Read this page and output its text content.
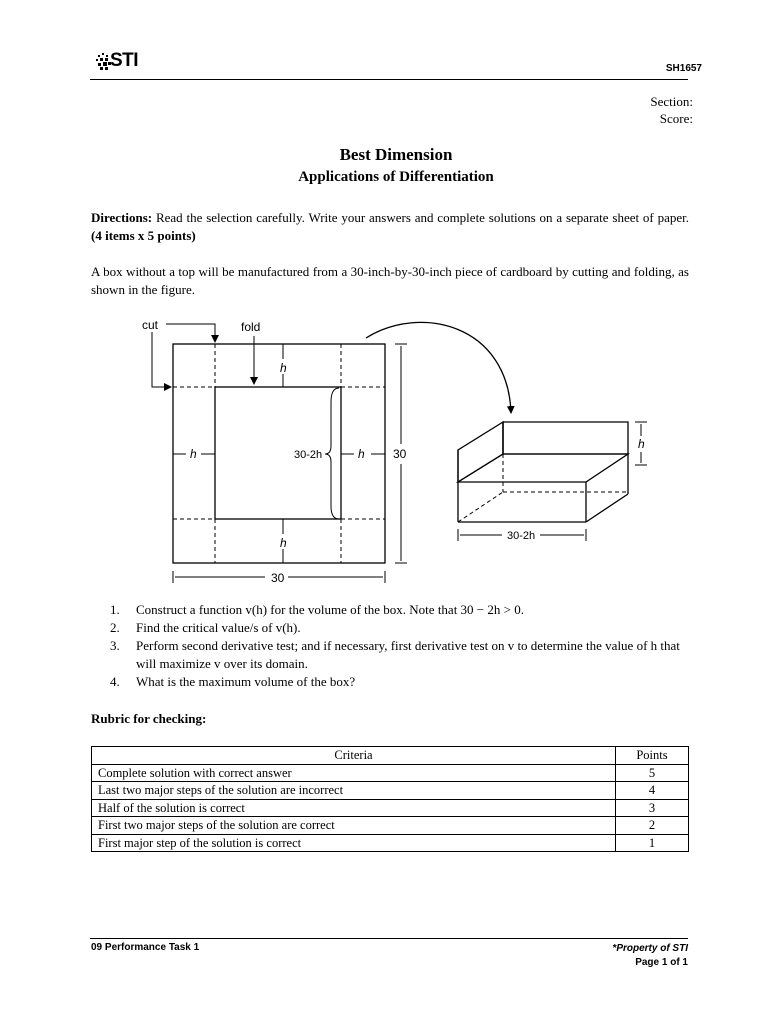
STI	SH1657
Section:
Score:
Best Dimension
Applications of Differentiation
Directions: Read the selection carefully. Write your answers and complete solutions on a separate sheet of paper. (4 items x 5 points)
A box without a top will be manufactured from a 30-inch-by-30-inch piece of cardboard by cutting and folding, as shown in the figure.
cut	fold
h
h
h	h
30-2h	30
30
h
30-2h
1. Construct a function v(h) for the volume of the box. Note that 30 − 2h > 0.
2. Find the critical value/s of v(h).
3. Perform second derivative test; and if necessary, first derivative test on v to determine the value of h that will maximize v over its domain.
4. What is the maximum volume of the box?
Rubric for checking:
Criteria	Points
Complete solution with correct answer	5
Last two major steps of the solution are incorrect	4
Half of the solution is correct	3
First two major steps of the solution are correct	2
First major step of the solution is correct	1
09 Performance Task 1	*Property of STI
Page 1 of 1
